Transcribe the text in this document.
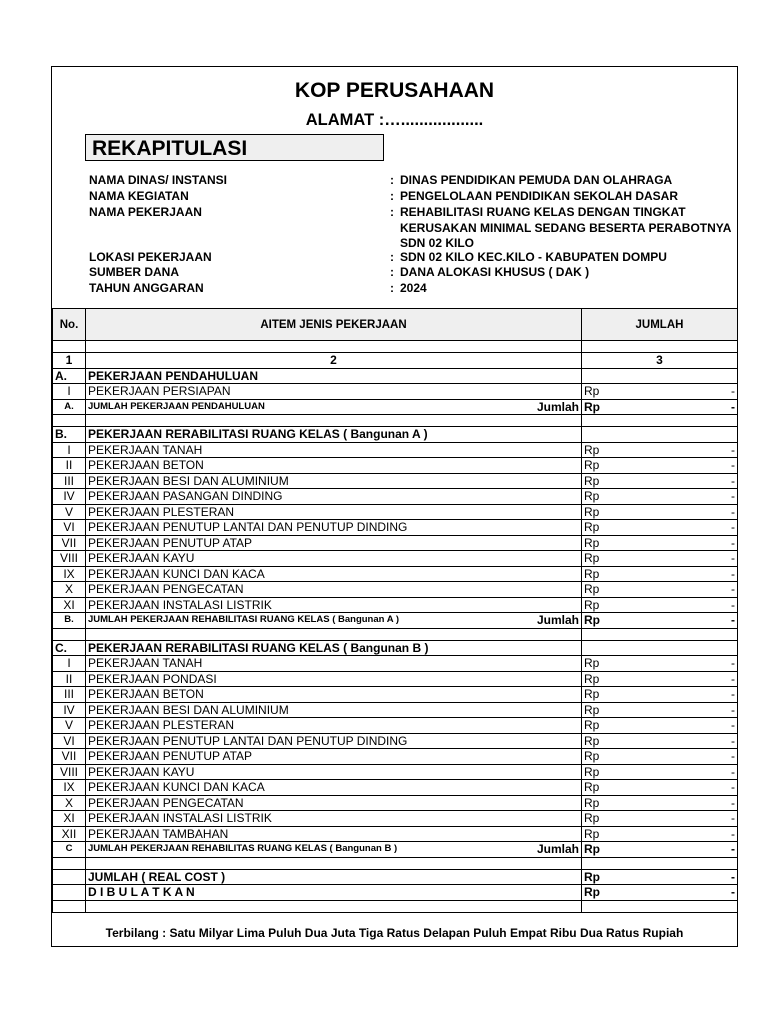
KOP PERUSAHAAN
ALAMAT :…..................
REKAPITULASI
NAMA DINAS/ INSTANSI	: DINAS PENDIDIKAN PEMUDA DAN OLAHRAGA
NAMA KEGIATAN	: PENGELOLAAN PENDIDIKAN SEKOLAH DASAR
NAMA PEKERJAAN	: REHABILITASI RUANG KELAS DENGAN TINGKAT KERUSAKAN MINIMAL SEDANG BESERTA PERABOTNYA SDN 02 KILO
LOKASI PEKERJAAN	: SDN 02 KILO KEC.KILO - KABUPATEN DOMPU
SUMBER DANA	: DANA ALOKASI KHUSUS ( DAK )
TAHUN ANGGARAN	: 2024
No.	AITEM JENIS PEKERJAAN	JUMLAH

1	2	3
A.	PEKERJAAN PENDAHULUAN	
I	PEKERJAAN PERSIAPAN	Rp -

A.	JUMLAH PEKERJAAN PENDAHULUAN Jumlah	Rp -

B.	PEKERJAAN RERABILITASI RUANG KELAS ( Bangunan A )	
I	PEKERJAAN TANAH	Rp -

II	PEKERJAAN BETON	Rp -

III	PEKERJAAN BESI DAN ALUMINIUM	Rp -

IV	PEKERJAAN PASANGAN DINDING	Rp -

V	PEKERJAAN PLESTERAN	Rp -

VI	PEKERJAAN PENUTUP LANTAI DAN PENUTUP DINDING	Rp -

VII	PEKERJAAN PENUTUP ATAP	Rp -

VIII	PEKERJAAN KAYU	Rp -

IX	PEKERJAAN KUNCI DAN KACA	Rp -

X	PEKERJAAN PENGECATAN	Rp -

XI	PEKERJAAN INSTALASI LISTRIK	Rp -

B.	JUMLAH PEKERJAAN REHABILITASI RUANG KELAS ( Bangunan A ) Jumlah	Rp -

C.	PEKERJAAN RERABILITASI RUANG KELAS ( Bangunan B )	
I	PEKERJAAN TANAH	Rp -

II	PEKERJAAN PONDASI	Rp -

III	PEKERJAAN BETON	Rp -

IV	PEKERJAAN BESI DAN ALUMINIUM	Rp -

V	PEKERJAAN PLESTERAN	Rp -

VI	PEKERJAAN PENUTUP LANTAI DAN PENUTUP DINDING	Rp -

VII	PEKERJAAN PENUTUP ATAP	Rp -

VIII	PEKERJAAN KAYU	Rp -

IX	PEKERJAAN KUNCI DAN KACA	Rp -

X	PEKERJAAN PENGECATAN	Rp -

XI	PEKERJAAN INSTALASI LISTRIK	Rp -

XII	PEKERJAAN TAMBAHAN	Rp -

C	JUMLAH PEKERJAAN REHABILITAS RUANG KELAS ( Bangunan B ) Jumlah	Rp -

	JUMLAH ( REAL COST )	Rp -

	D I B U L A T K A N	Rp -

Terbilang : Satu Milyar Lima Puluh Dua Juta Tiga Ratus Delapan Puluh Empat Ribu Dua Ratus Rupiah
